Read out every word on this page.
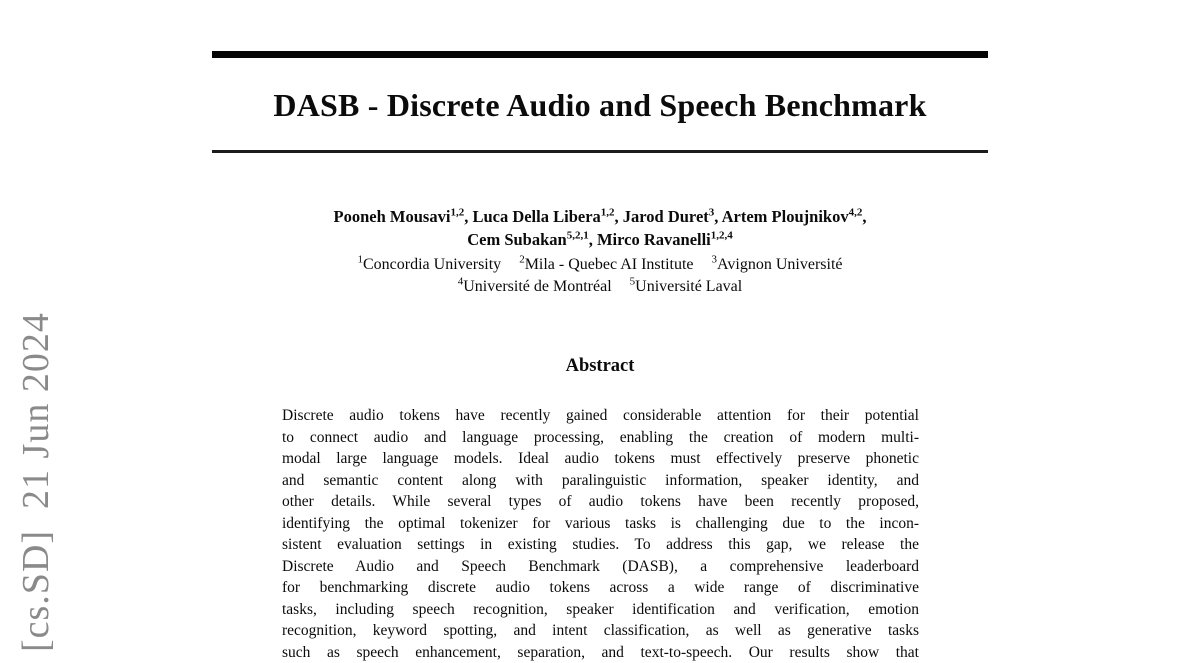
[cs.SD]  21 Jun 2024
DASB - Discrete Audio and Speech Benchmark
Pooneh Mousavi$^{1,2}$, Luca Della Libera$^{1,2}$, Jarod Duret$^3$, Artem Ploujnikov$^{4,2}$,
Cem Subakan$^{5,2,1}$, Mirco Ravanelli$^{1,2,4}$
$^1$Concordia University $^2$Mila - Quebec AI Institute $^3$Avignon Université
$^4$Université de Montréal $^5$Université Laval
Abstract
Discrete audio tokens have recently gained considerable attention for their potential
to connect audio and language processing, enabling the creation of modern multi-
modal large language models. Ideal audio tokens must effectively preserve phonetic
and semantic content along with paralinguistic information, speaker identity, and
other details. While several types of audio tokens have been recently proposed,
identifying the optimal tokenizer for various tasks is challenging due to the incon-
sistent evaluation settings in existing studies. To address this gap, we release the
Discrete Audio and Speech Benchmark (DASB), a comprehensive leaderboard
for benchmarking discrete audio tokens across a wide range of discriminative
tasks, including speech recognition, speaker identification and verification, emotion
recognition, keyword spotting, and intent classification, as well as generative tasks
such as speech enhancement, separation, and text-to-speech. Our results show that
